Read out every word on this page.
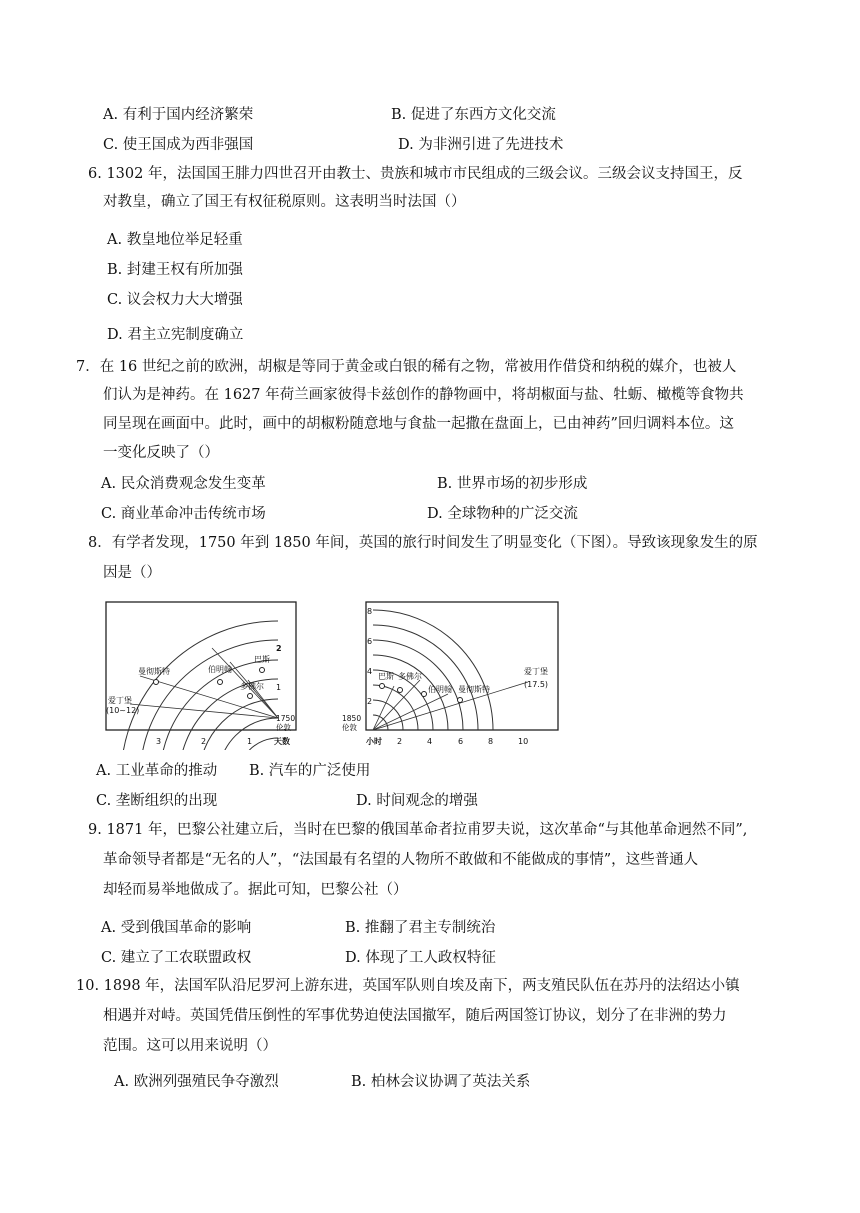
A. 有利于国内经济繁荣	B. 促进了东西方文化交流
C. 使王国成为西非强国	D. 为非洲引进了先进技术
6. 1302 年，法国国王腓力四世召开由教士、贵族和城市市民组成的三级会议。三级会议支持国王，反
对教皇，确立了国王有权征税原则。这表明当时法国（）
A. 教皇地位举足轻重
B. 封建王权有所加强
C. 议会权力大大增强
D. 君主立宪制度确立
7．在 16 世纪之前的欧洲，胡椒是等同于黄金或白银的稀有之物，常被用作借贷和纳税的媒介，也被人
们认为是神药。在 1627 年荷兰画家彼得卡兹创作的静物画中，将胡椒面与盐、牡蛎、橄榄等食物共
同呈现在画面中。此时，画中的胡椒粉随意地与食盐一起撒在盘面上，已由神药”回归调料本位。这
一变化反映了（）
A. 民众消费观念发生变革	B. 世界市场的初步形成
C. 商业革命冲击传统市场	D. 全球物种的广泛交流
8．有学者发现，1750 年到 1850 年间，英国的旅行时间发生了明显变化（下图）。导致该现象发生的原
因是（）
巴斯
伯明翰
多佛尔
曼彻斯特
爱丁堡
(10~12)
2
1
1750
伦敦
3	2	1	天数
巴斯 多佛尔
伯明翰 曼彻斯特
爱丁堡
(17.5)
8
6
4
2
1850
伦敦
小时 2	4	6	8	10
A. 工业革命的推动 B. 汽车的广泛使用
C. 垄断组织的出现	D. 时间观念的增强
9. 1871 年，巴黎公社建立后，当时在巴黎的俄国革命者拉甫罗夫说，这次革命“与其他革命迥然不同”,
革命领导者都是“无名的人”，“法国最有名望的人物所不敢做和不能做成的事情”，这些普通人
却轻而易举地做成了。据此可知，巴黎公社（）
A. 受到俄国革命的影响	B. 推翻了君主专制统治
C. 建立了工农联盟政权	D. 体现了工人政权特征
10. 1898 年，法国军队沿尼罗河上游东进，英国军队则自埃及南下，两支殖民队伍在苏丹的法绍达小镇
相遇并对峙。英国凭借压倒性的军事优势迫使法国撤军，随后两国签订协议，划分了在非洲的势力
范围。这可以用来说明（）
A. 欧洲列强殖民争夺激烈	B. 柏林会议协调了英法关系
